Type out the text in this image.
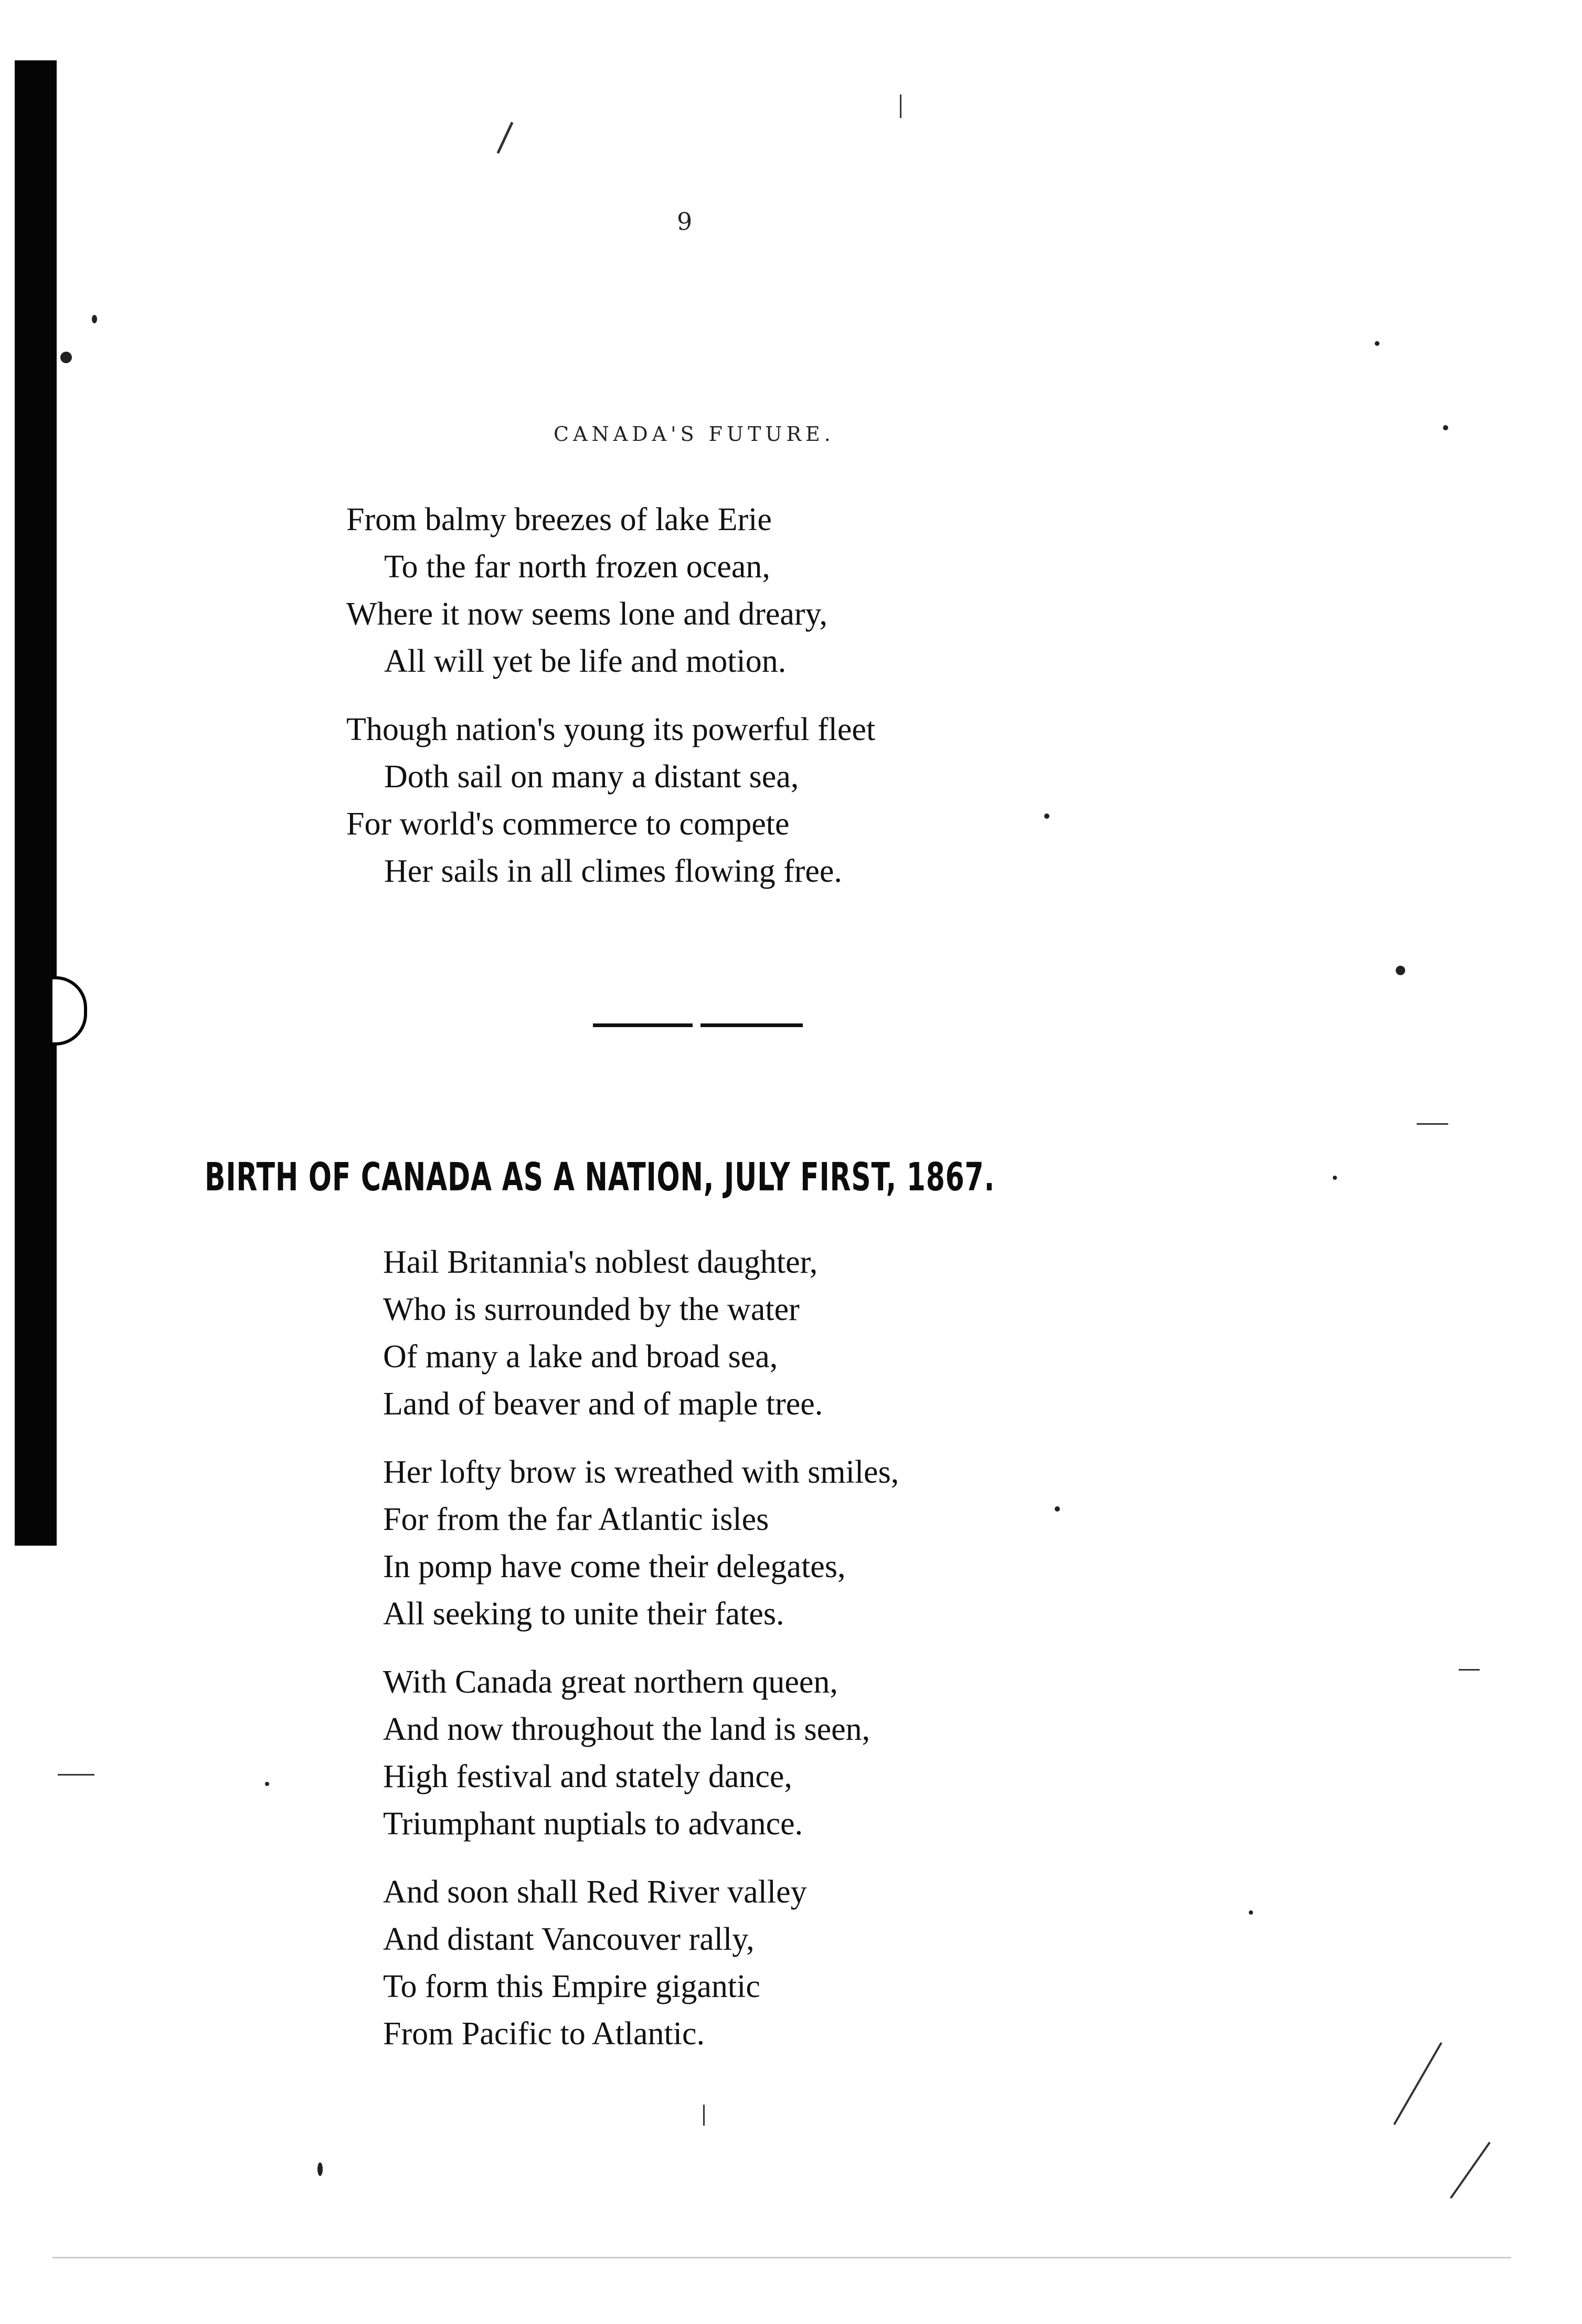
9
CANADA'S FUTURE.
From balmy breezes of lake Erie
To the far north frozen ocean,
Where it now seems lone and dreary,
All will yet be life and motion.
Though nation's young its powerful fleet
Doth sail on many a distant sea,
For world's commerce to compete
Her sails in all climes flowing free.
BIRTH OF CANADA AS A NATION, JULY FIRST, 1867.
Hail Britannia's noblest daughter,
Who is surrounded by the water
Of many a lake and broad sea,
Land of beaver and of maple tree.
Her lofty brow is wreathed with smiles,
For from the far Atlantic isles
In pomp have come their delegates,
All seeking to unite their fates.
With Canada great northern queen,
And now throughout the land is seen,
High festival and stately dance,
Triumphant nuptials to advance.
And soon shall Red River valley
And distant Vancouver rally,
To form this Empire gigantic
From Pacific to Atlantic.
